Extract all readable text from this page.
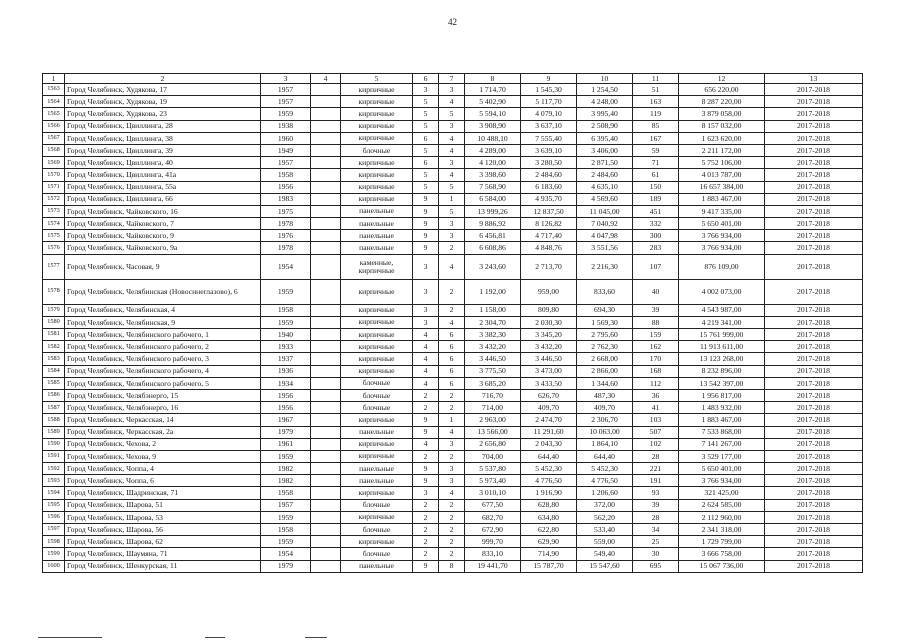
42
1	2	3	4	5	6	7	8	9	10	11	12	13
1563	Город Челябинск, Худякова, 17	1957		кирпичные	3	3	1 714,70	1 545,30	1 254,50	51	656 220,00	2017-2018
1564	Город Челябинск, Худякова, 19	1957		кирпичные	5	4	5 402,90	5 117,70	4 248,00	163	8 287 220,00	2017-2018
1565	Город Челябинск, Худякова, 23	1959		кирпичные	5	5	5 594,10	4 079,10	3 995,40	119	3 879 058,00	2017-2018
1566	Город Челябинск, Цвиллинга, 28	1938		кирпичные	5	3	3 908,90	3 637,10	2 508,90	85	8 157 032,00	2017-2018
1567	Город Челябинск, Цвиллинга, 38	1960		кирпичные	6	4	10 488,10	7 555,40	6 395,40	167	1 623 620,00	2017-2018
1568	Город Челябинск, Цвиллинга, 39	1949		блочные	5	4	4 289,00	3 639,10	3 406,00	59	2 211 172,00	2017-2018
1569	Город Челябинск, Цвиллинга, 40	1957		кирпичные	6	3	4 120,00	3 280,50	2 871,50	71	5 752 106,00	2017-2018
1570	Город Челябинск, Цвиллинга, 41а	1958		кирпичные	5	4	3 398,60	2 484,60	2 484,60	61	4 013 787,00	2017-2018
1571	Город Челябинск, Цвиллинга, 55а	1956		кирпичные	5	5	7 568,90	6 183,60	4 635,10	150	16 657 384,00	2017-2018
1572	Город Челябинск, Цвиллинга, 66	1983		кирпичные	9	1	6 584,00	4 935,70	4 569,60	189	1 883 467,00	2017-2018
1573	Город Челябинск, Чайковского, 16	1975		панельные	9	5	13 999,26	12 837,50	11 045,00	451	9 417 335,00	2017-2018
1574	Город Челябинск, Чайковского, 7	1978		панельные	9	3	9 886,92	8 126,82	7 040,92	332	5 650 401,00	2017-2018
1575	Город Челябинск, Чайковского, 9	1976		панельные	9	3	6 456,81	4 717,40	4 047,98	300	3 766 934,00	2017-2018
1576	Город Челябинск, Чайковского, 9а	1978		панельные	9	2	6 608,86	4 848,76	3 551,56	283	3 766 934,00	2017-2018
1577	Город Челябинск, Часовая, 9	1954		каменные, кирпичные	3	4	3 243,60	2 713,70	2 216,30	107	876 109,00	2017-2018
1578	Город Челябинск, Челябинская (Новосинеглазово), 6	1959		кирпичные	3	2	1 192,00	959,00	833,60	40	4 002 073,00	2017-2018
1579	Город Челябинск, Челябинская, 4	1958		кирпичные	3	2	1 158,00	809,80	694,30	39	4 543 987,00	2017-2018
1580	Город Челябинск, Челябинская, 9	1959		кирпичные	3	4	2 304,70	2 030,30	1 569,30	88	4 219 341,00	2017-2018
1581	Город Челябинск, Челябинского рабочего, 1	1940		кирпичные	4	6	3 382,30	3 345,20	2 795,60	159	15 761 999,00	2017-2018
1582	Город Челябинск, Челябинского рабочего, 2	1933		кирпичные	4	6	3 432,20	3 432,20	2 762,30	162	11 913 611,00	2017-2018
1583	Город Челябинск, Челябинского рабочего, 3	1937		кирпичные	4	6	3 446,50	3 446,50	2 668,00	170	13 123 268,00	2017-2018
1584	Город Челябинск, Челябинского рабочего, 4	1936		кирпичные	4	6	3 775,50	3 473,00	2 866,00	168	8 232 896,00	2017-2018
1585	Город Челябинск, Челябинского рабочего, 5	1934		блочные	4	6	3 685,20	3 433,50	1 344,60	112	13 542 397,00	2017-2018
1586	Город Челябинск, Челябэнерго, 15	1956		блочные	2	2	716,70	626,70	487,30	36	1 956 817,00	2017-2018
1587	Город Челябинск, Челябэнерго, 16	1956		блочные	2	2	714,00	409,70	409,70	41	1 483 932,00	2017-2018
1588	Город Челябинск, Черкасская, 14	1967		кирпичные	9	1	2 963,00	2 474,70	2 306,70	103	1 883 467,00	2017-2018
1589	Город Челябинск, Черкасская, 2а	1979		панельные	9	4	13 566,00	11 291,60	10 063,00	507	7 533 868,00	2017-2018
1590	Город Челябинск, Чехова, 2	1961		кирпичные	4	3	2 656,80	2 043,30	1 864,10	102	7 141 267,00	2017-2018
1591	Город Челябинск, Чехова, 9	1959		кирпичные	2	2	704,00	644,40	644,40	28	3 529 177,00	2017-2018
1592	Город Челябинск, Чоппа, 4	1982		панельные	9	3	5 537,80	5 452,30	5 452,30	221	5 650 401,00	2017-2018
1593	Город Челябинск, Чоппа, 6	1982		панельные	9	3	5 973,40	4 776,50	4 776,50	191	3 766 934,00	2017-2018
1594	Город Челябинск, Шадринская, 71	1958		кирпичные	3	4	3 010,10	1 916,90	1 206,60	93	321 425,00	2017-2018
1595	Город Челябинск, Шарова, 51	1957		блочные	2	2	677,50	628,80	372,00	39	2 624 585,00	2017-2018
1596	Город Челябинск, Шарова, 53	1959		кирпичные	2	2	682,70	634,80	562,20	28	2 112 960,00	2017-2018
1597	Город Челябинск, Шарова, 56	1958		блочные	2	2	672,90	622,80	533,40	34	2 341 318,00	2017-2018
1598	Город Челябинск, Шарова, 62	1959		кирпичные	2	2	999,70	629,90	559,00	25	1 729 799,00	2017-2018
1599	Город Челябинск, Шаумяна, 71	1954		блочные	2	2	833,10	714,90	549,40	30	3 666 758,00	2017-2018
1600	Город Челябинск, Шенкурская, 11	1979		панельные	9	8	19 441,70	15 787,70	15 547,60	695	15 067 736,00	2017-2018
